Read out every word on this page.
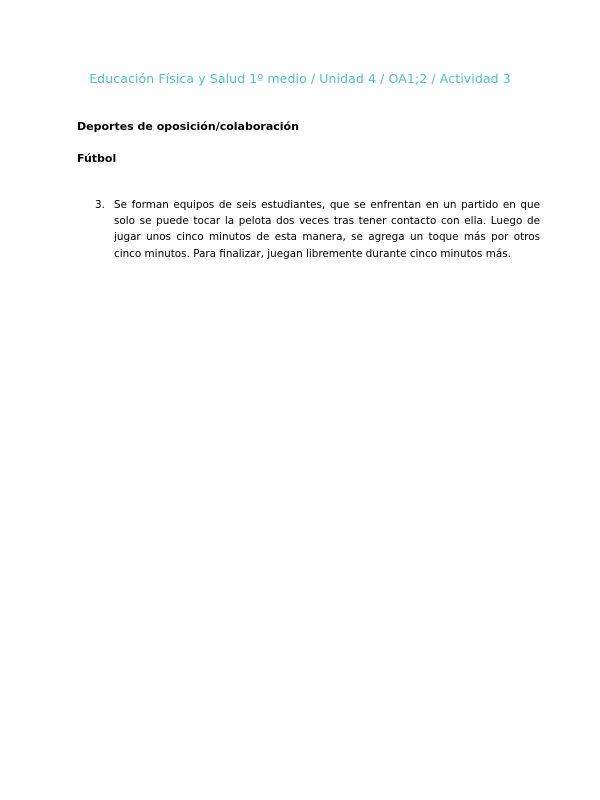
Educación Física y Salud 1º medio / Unidad 4 / OA1;2 / Actividad 3
Deportes de oposición/colaboración
Fútbol
3. Se forman equipos de seis estudiantes, que se enfrentan en un partido en que solo se puede tocar la pelota dos veces tras tener contacto con ella. Luego de jugar unos cinco minutos de esta manera, se agrega un toque más por otros cinco minutos. Para finalizar, juegan libremente durante cinco minutos más.
